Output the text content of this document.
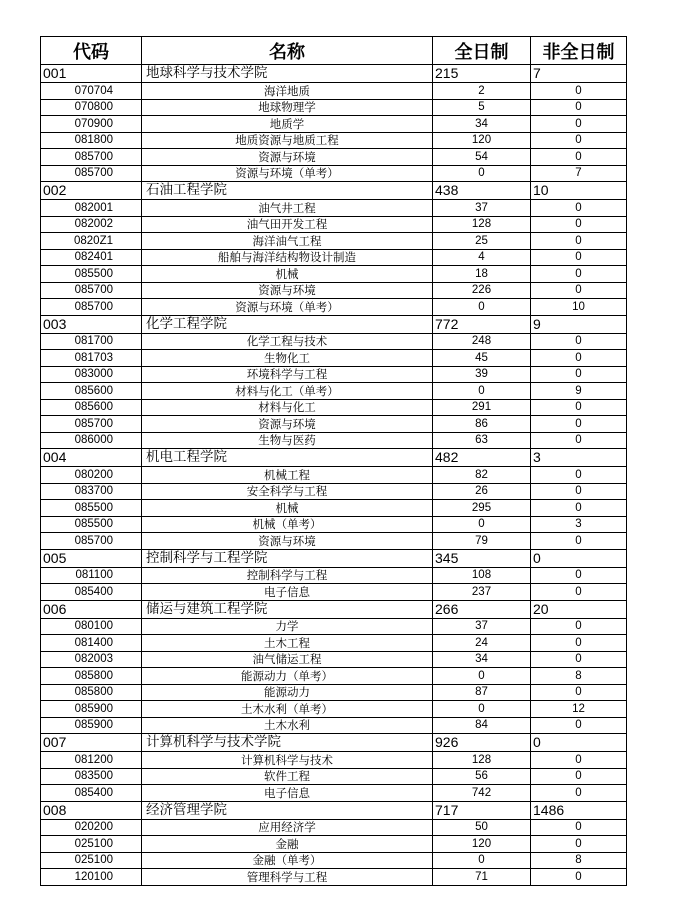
代码	名称	全日制	非全日制
001	地球科学与技术学院	215	7
070704	海洋地质	2	0
070800	地球物理学	5	0
070900	地质学	34	0
081800	地质资源与地质工程	120	0
085700	资源与环境	54	0
085700	资源与环境（单考）	0	7
002	石油工程学院	438	10
082001	油气井工程	37	0
082002	油气田开发工程	128	0
0820Z1	海洋油气工程	25	0
082401	船舶与海洋结构物设计制造	4	0
085500	机械	18	0
085700	资源与环境	226	0
085700	资源与环境（单考）	0	10
003	化学工程学院	772	9
081700	化学工程与技术	248	0
081703	生物化工	45	0
083000	环境科学与工程	39	0
085600	材料与化工（单考）	0	9
085600	材料与化工	291	0
085700	资源与环境	86	0
086000	生物与医药	63	0
004	机电工程学院	482	3
080200	机械工程	82	0
083700	安全科学与工程	26	0
085500	机械	295	0
085500	机械（单考）	0	3
085700	资源与环境	79	0
005	控制科学与工程学院	345	0
081100	控制科学与工程	108	0
085400	电子信息	237	0
006	储运与建筑工程学院	266	20
080100	力学	37	0
081400	土木工程	24	0
082003	油气储运工程	34	0
085800	能源动力（单考）	0	8
085800	能源动力	87	0
085900	土木水利（单考）	0	12
085900	土木水利	84	0
007	计算机科学与技术学院	926	0
081200	计算机科学与技术	128	0
083500	软件工程	56	0
085400	电子信息	742	0
008	经济管理学院	717	1486
020200	应用经济学	50	0
025100	金融	120	0
025100	金融（单考）	0	8
120100	管理科学与工程	71	0
